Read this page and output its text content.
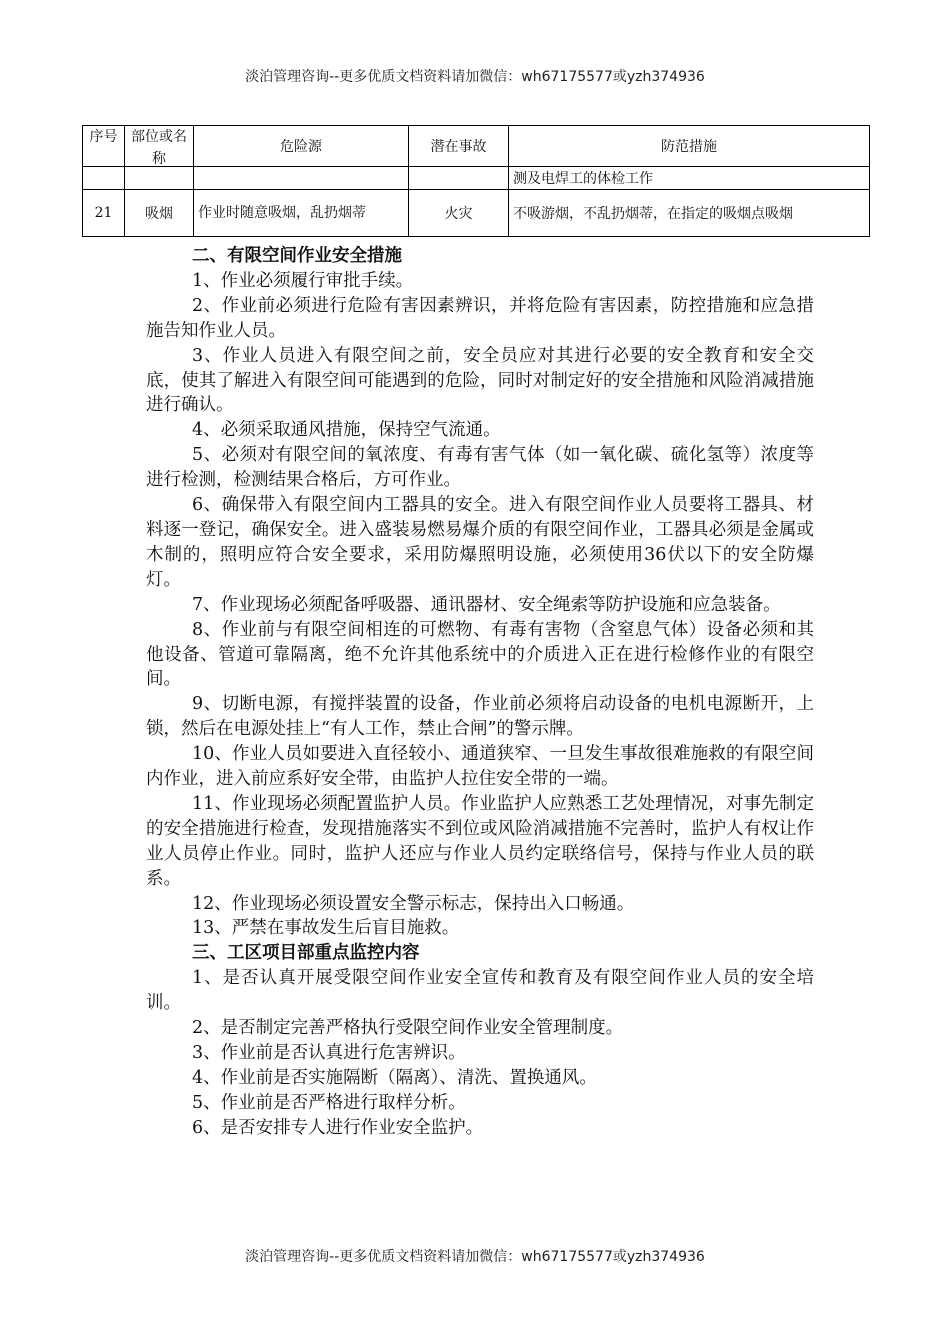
淡泊管理咨询--更多优质文档资料请加微信：wh67175577或yzh374936
序号	部位或名称	危险源	潜在事故	防范措施
				测及电焊工的体检工作
21	吸烟	作业时随意吸烟，乱扔烟蒂	火灾	不吸游烟，不乱扔烟蒂，在指定的吸烟点吸烟

二、有限空间作业安全措施

1、作业必须履行审批手续。

2、作业前必须进行危险有害因素辨识，并将危险有害因素，防控措施和应急措施告知作业人员。

3、作业人员进入有限空间之前，安全员应对其进行必要的安全教育和安全交底，使其了解进入有限空间可能遇到的危险，同时对制定好的安全措施和风险消减措施进行确认。

4、必须采取通风措施，保持空气流通。

5、必须对有限空间的氧浓度、有毒有害气体（如一氧化碳、硫化氢等）浓度等进行检测，检测结果合格后，方可作业。

6、确保带入有限空间内工器具的安全。进入有限空间作业人员要将工器具、材料逐一登记，确保安全。进入盛装易燃易爆介质的有限空间作业，工器具必须是金属或木制的，照明应符合安全要求，采用防爆照明设施，必须使用36伏以下的安全防爆灯。

7、作业现场必须配备呼吸器、通讯器材、安全绳索等防护设施和应急装备。

8、作业前与有限空间相连的可燃物、有毒有害物（含窒息气体）设备必须和其他设备、管道可靠隔离，绝不允许其他系统中的介质进入正在进行检修作业的有限空间。

9、切断电源，有搅拌装置的设备，作业前必须将启动设备的电机电源断开，上锁，然后在电源处挂上“有人工作，禁止合闸”的警示牌。

10、作业人员如要进入直径较小、通道狭窄、一旦发生事故很难施救的有限空间内作业，进入前应系好安全带，由监护人拉住安全带的一端。

11、作业现场必须配置监护人员。作业监护人应熟悉工艺处理情况，对事先制定的安全措施进行检查，发现措施落实不到位或风险消减措施不完善时，监护人有权让作业人员停止作业。同时，监护人还应与作业人员约定联络信号，保持与作业人员的联系。

12、作业现场必须设置安全警示标志，保持出入口畅通。

13、严禁在事故发生后盲目施救。

三、工区项目部重点监控内容

1、是否认真开展受限空间作业安全宣传和教育及有限空间作业人员的安全培训。

2、是否制定完善严格执行受限空间作业安全管理制度。

3、作业前是否认真进行危害辨识。

4、作业前是否实施隔断（隔离）、清洗、置换通风。

5、作业前是否严格进行取样分析。

6、是否安排专人进行作业安全监护。

淡泊管理咨询--更多优质文档资料请加微信：wh67175577或yzh374936
